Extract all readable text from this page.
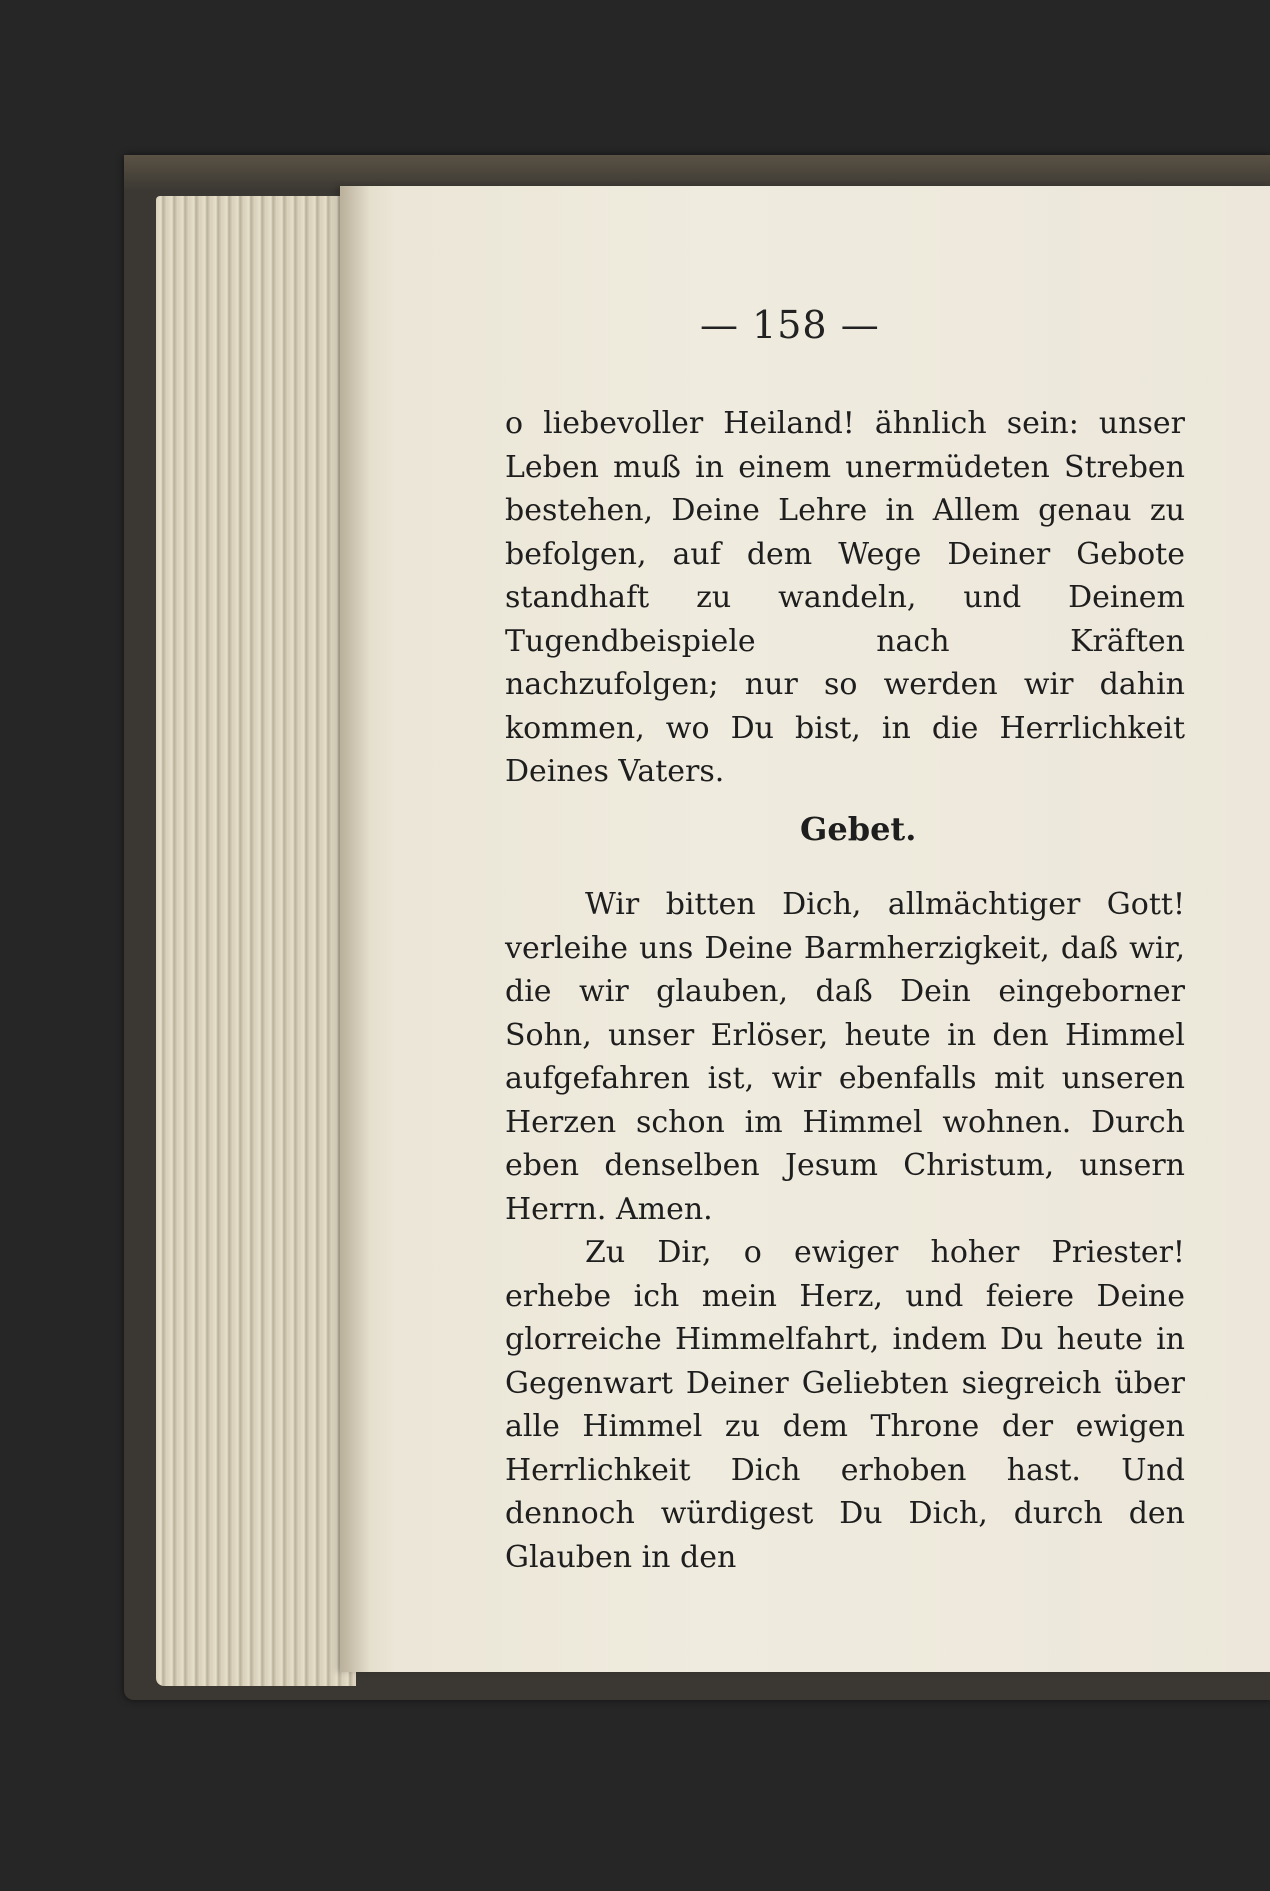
— 158 —

o liebevoller Heiland! ähnlich sein: unser Leben muß in einem unermüdeten Streben bestehen, Deine Lehre in Allem genau zu befolgen, auf dem Wege Deiner Gebote standhaft zu wandeln, und Deinem Tugendbeispiele nach Kräften nachzufolgen; nur so werden wir dahin kommen, wo Du bist, in die Herrlichkeit Deines Vaters.

Gebet.

Wir bitten Dich, allmächtiger Gott! verleihe uns Deine Barmherzigkeit, daß wir, die wir glauben, daß Dein eingeborner Sohn, unser Erlöser, heute in den Himmel aufgefahren ist, wir ebenfalls mit unseren Herzen schon im Himmel wohnen. Durch eben denselben Jesum Christum, unsern Herrn. Amen.

Zu Dir, o ewiger hoher Priester! erhebe ich mein Herz, und feiere Deine glorreiche Himmelfahrt, indem Du heute in Gegenwart Deiner Geliebten siegreich über alle Himmel zu dem Throne der ewigen Herrlichkeit Dich erhoben hast. Und dennoch würdigest Du Dich, durch den Glauben in den
